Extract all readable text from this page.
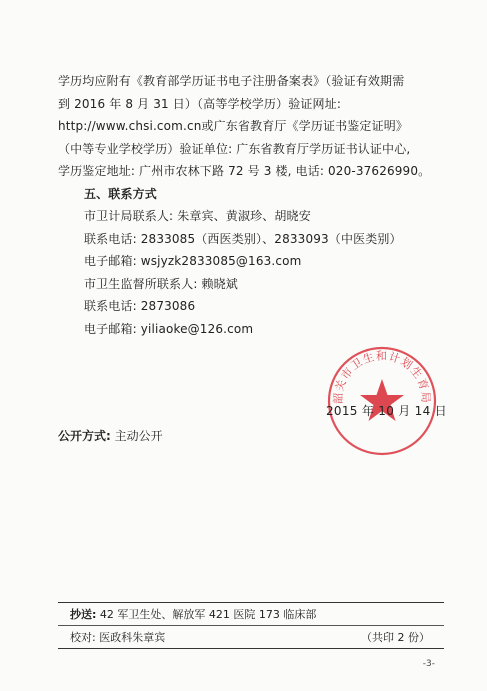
学历均应附有《教育部学历证书电子注册备案表》（验证有效期需
到 2016 年 8 月 31 日）（高等学校学历）验证网址:
http://www.chsi.com.cn或广东省教育厅《学历证书鉴定证明》
（中等专业学校学历）验证单位: 广东省教育厅学历证书认证中心,
学历鉴定地址: 广州市农林下路 72 号 3 楼, 电话: 020-37626990。
五、联系方式
市卫计局联系人: 朱章宾、黄淑珍、胡晓安
联系电话: 2833085（西医类别）、2833093（中医类别）
电子邮箱: wsjyzk2833085@163.com
市卫生监督所联系人: 赖晓斌
联系电话: 2873086
电子邮箱: yiliaoke@126.com
韶关市卫生和计划生育局
2015 年 10 月 14 日
公开方式: 主动公开
抄送: 42 军卫生处、解放军 421 医院 173 临床部
校对: 医政科朱章宾	（共印 2 份）
-3-
